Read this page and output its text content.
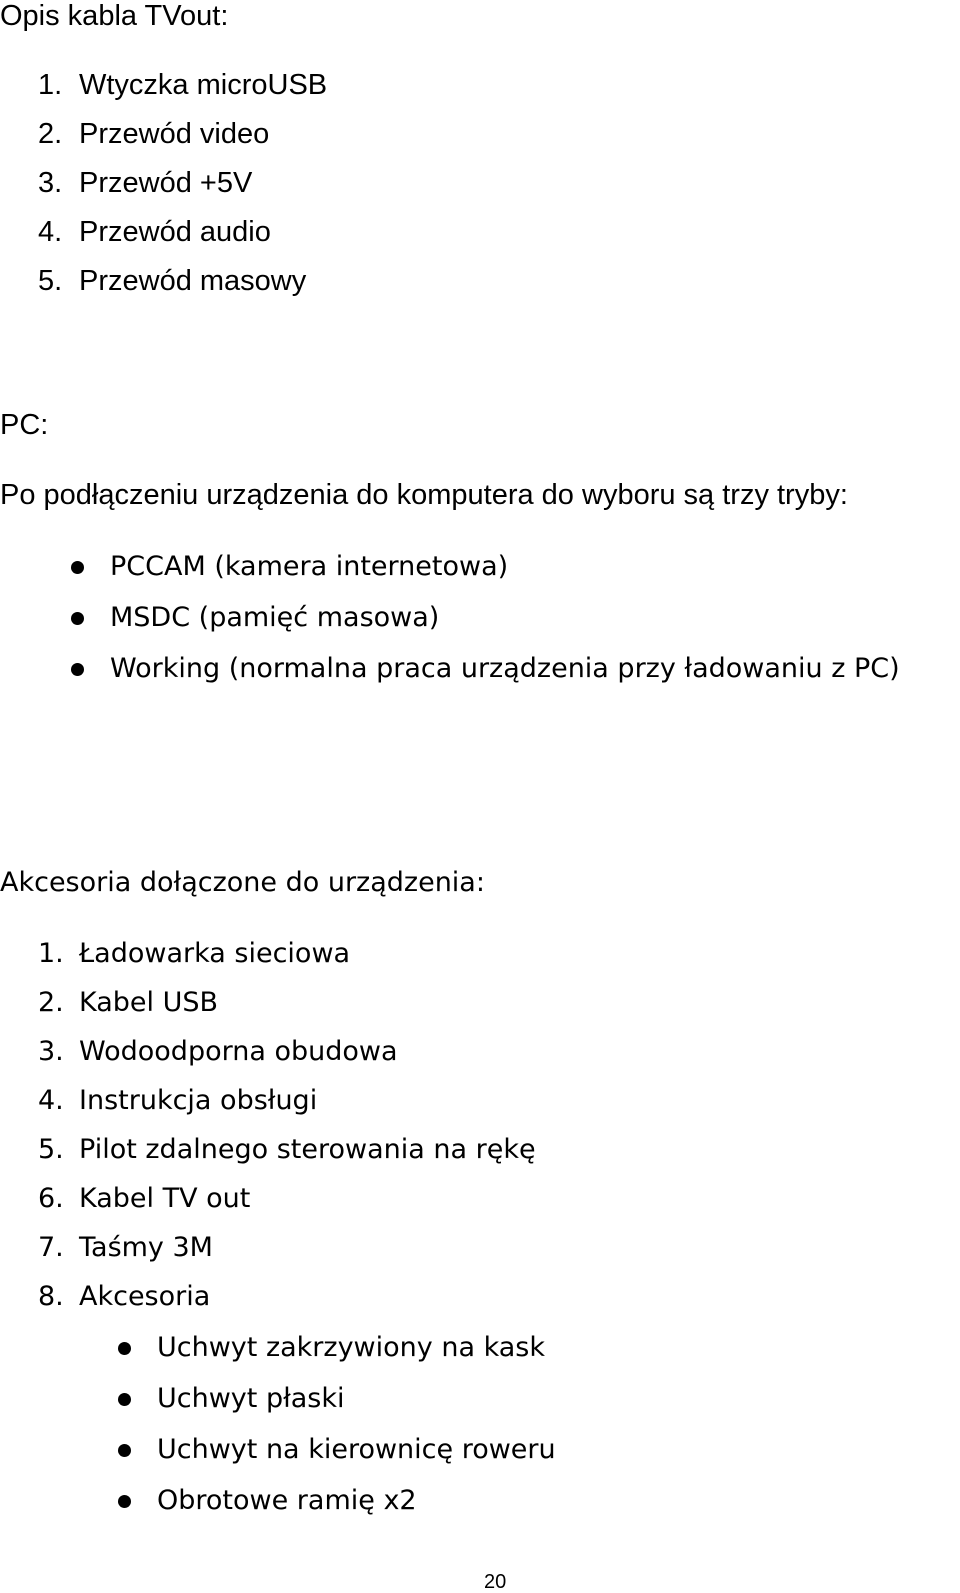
Opis kabla TVout:
1. Wtyczka microUSB
2. Przewód video
3. Przewód +5V
4. Przewód audio
5. Przewód masowy
PC:
Po podłączeniu urządzenia do komputera do wyboru są trzy tryby:
PCCAM (kamera internetowa)
MSDC (pamięć masowa)
Working (normalna praca urządzenia przy ładowaniu z PC)
Akcesoria dołączone do urządzenia:
1. Ładowarka sieciowa
2. Kabel USB
3. Wodoodporna obudowa
4. Instrukcja obsługi
5. Pilot zdalnego sterowania na rękę
6. Kabel TV out
7. Taśmy 3M
8. Akcesoria
Uchwyt zakrzywiony na kask
Uchwyt płaski
Uchwyt na kierownicę roweru
Obrotowe ramię x2
20
